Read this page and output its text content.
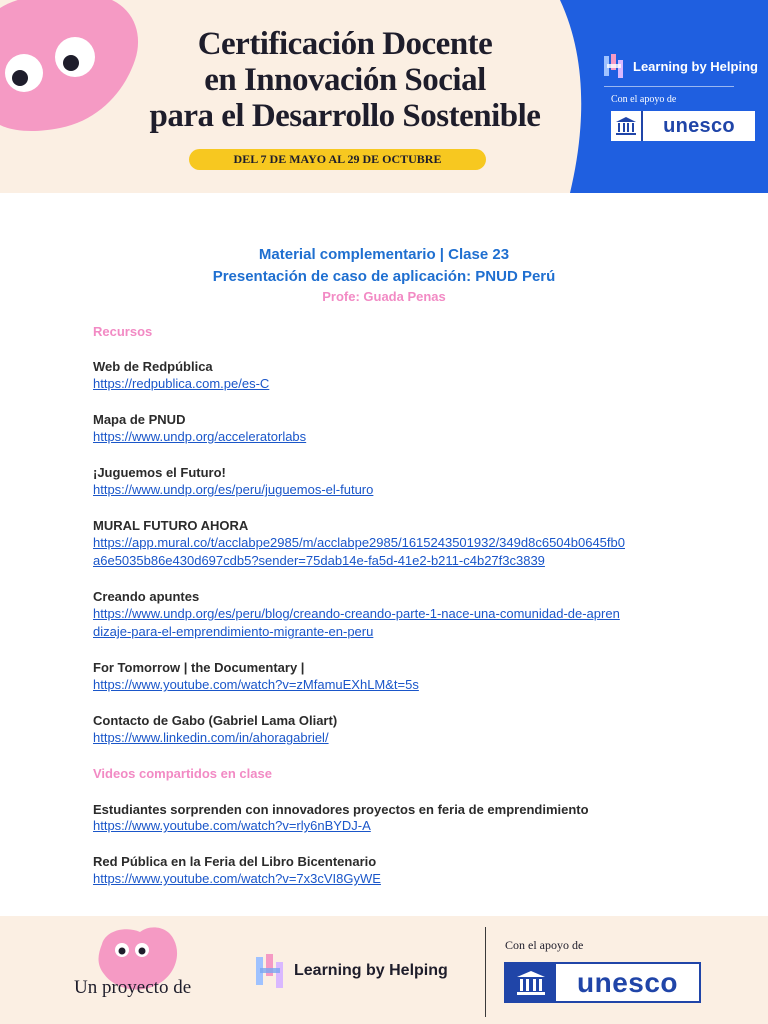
Certificación Docente
en Innovación Social
para el Desarrollo Sostenible
DEL 7 DE MAYO AL 29 DE OCTUBRE
Learning by Helping
Con el apoyo de
unesco
Material complementario | Clase 23
Presentación de caso de aplicación: PNUD Perú
Profe: Guada Penas
Recursos
Web de Redpública
https://redpublica.com.pe/es-C
Mapa de PNUD
https://www.undp.org/acceleratorlabs
¡Juguemos el Futuro!
https://www.undp.org/es/peru/juguemos-el-futuro
MURAL FUTURO AHORA
https://app.mural.co/t/acclabpe2985/m/acclabpe2985/1615243501932/349d8c6504b0645fb0
a6e5035b86e430d697cdb5?sender=75dab14e-fa5d-41e2-b211-c4b27f3c3839
Creando apuntes
https://www.undp.org/es/peru/blog/creando-creando-parte-1-nace-una-comunidad-de-apren
dizaje-para-el-emprendimiento-migrante-en-peru
For Tomorrow | the Documentary |
https://www.youtube.com/watch?v=zMfamuEXhLM&t=5s
Contacto de Gabo (Gabriel Lama Oliart)
https://www.linkedin.com/in/ahoragabriel/
Videos compartidos en clase
Estudiantes sorprenden con innovadores proyectos en feria de emprendimiento
https://www.youtube.com/watch?v=rly6nBYDJ-A
Red Pública en la Feria del Libro Bicentenario
https://www.youtube.com/watch?v=7x3cVI8GyWE
Un proyecto de
Learning by Helping
Con el apoyo de
unesco
